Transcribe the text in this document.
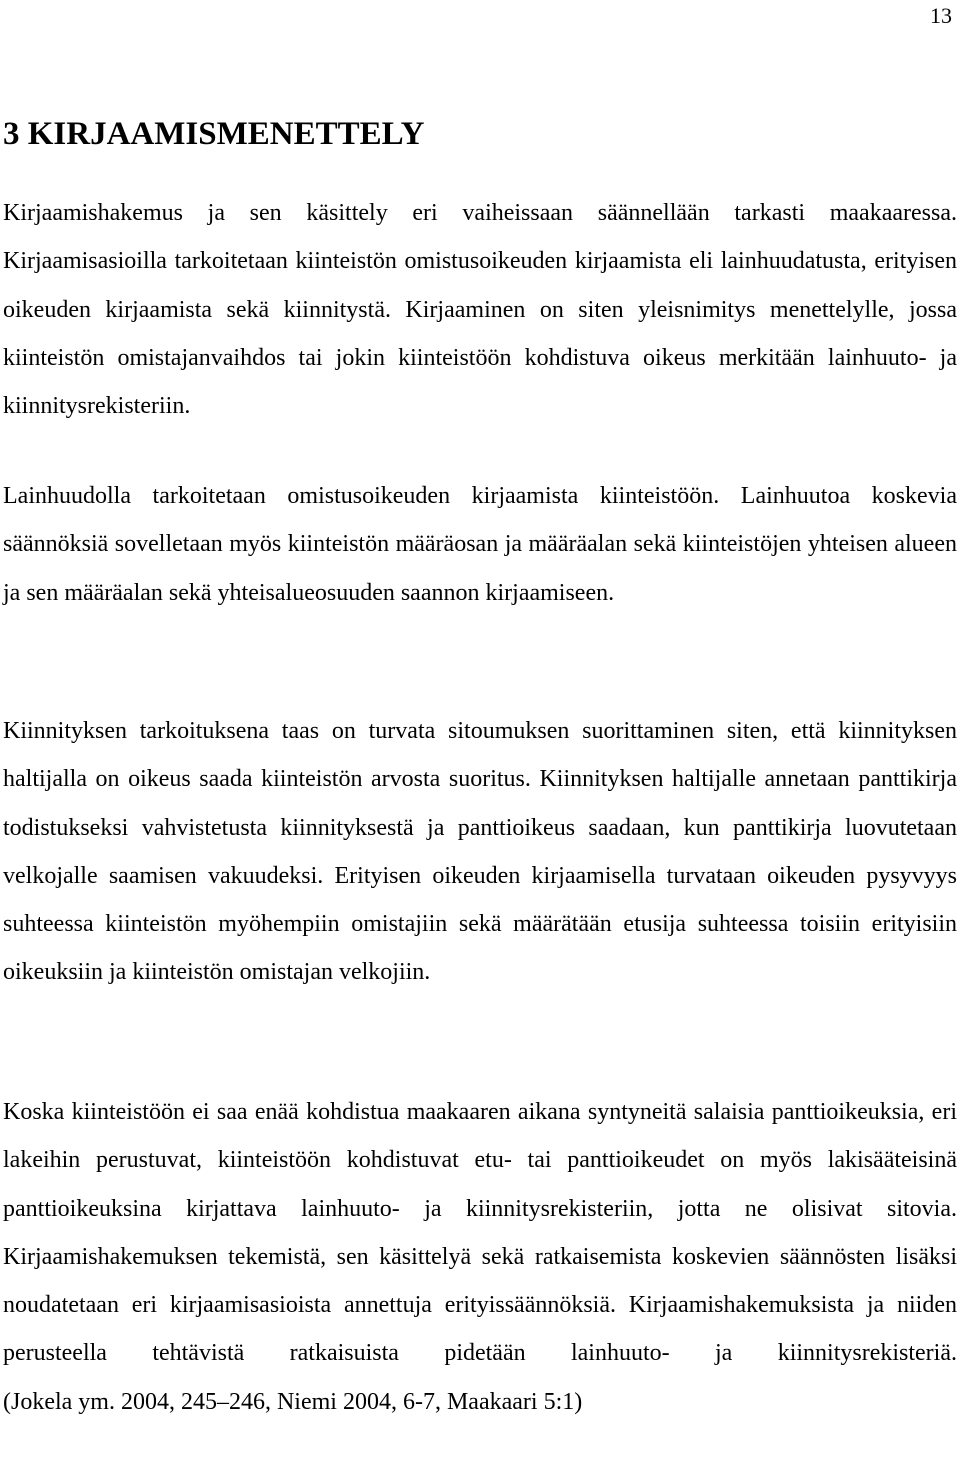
13
3 KIRJAAMISMENETTELY

Kirjaamishakemus ja sen käsittely eri vaiheissaan säännellään tarkasti maakaaressa. Kirjaamisasioilla tarkoitetaan kiinteistön omistusoikeuden kirjaamista eli lainhuudatusta, erityisen oikeuden kirjaamista sekä kiinnitystä. Kirjaaminen on siten yleisnimitys menettelylle, jossa kiinteistön omistajanvaihdos tai jokin kiinteistöön kohdistuva oikeus merkitään lainhuuto- ja kiinnitysrekisteriin.

Lainhuudolla tarkoitetaan omistusoikeuden kirjaamista kiinteistöön. Lainhuutoa koskevia säännöksiä sovelletaan myös kiinteistön määräosan ja määräalan sekä kiinteistöjen yhteisen alueen ja sen määräalan sekä yhteisalueosuuden saannon kirjaamiseen.

Kiinnityksen tarkoituksena taas on turvata sitoumuksen suorittaminen siten, että kiinnityksen haltijalla on oikeus saada kiinteistön arvosta suoritus. Kiinnityksen haltijalle annetaan panttikirja todistukseksi vahvistetusta kiinnityksestä ja panttioikeus saadaan, kun panttikirja luovutetaan velkojalle saamisen vakuudeksi. Erityisen oikeuden kirjaamisella turvataan oikeuden pysyvyys suhteessa kiinteistön myöhempiin omistajiin sekä määrätään etusija suhteessa toisiin erityisiin oikeuksiin ja kiinteistön omistajan velkojiin.

Koska kiinteistöön ei saa enää kohdistua maakaaren aikana syntyneitä salaisia panttioikeuksia, eri lakeihin perustuvat, kiinteistöön kohdistuvat etu- tai panttioikeudet on myös lakisääteisinä panttioikeuksina kirjattava lainhuuto- ja kiinnitysrekisteriin, jotta ne olisivat sitovia. Kirjaamishakemuksen tekemistä, sen käsittelyä sekä ratkaisemista koskevien säännösten lisäksi noudatetaan eri kirjaamisasioista annettuja erityissäännöksiä. Kirjaamishakemuksista ja niiden perusteella tehtävistä ratkaisuista pidetään lainhuuto- ja kiinnitysrekisteriä.
(Jokela ym. 2004, 245–246, Niemi 2004, 6-7, Maakaari 5:1)
